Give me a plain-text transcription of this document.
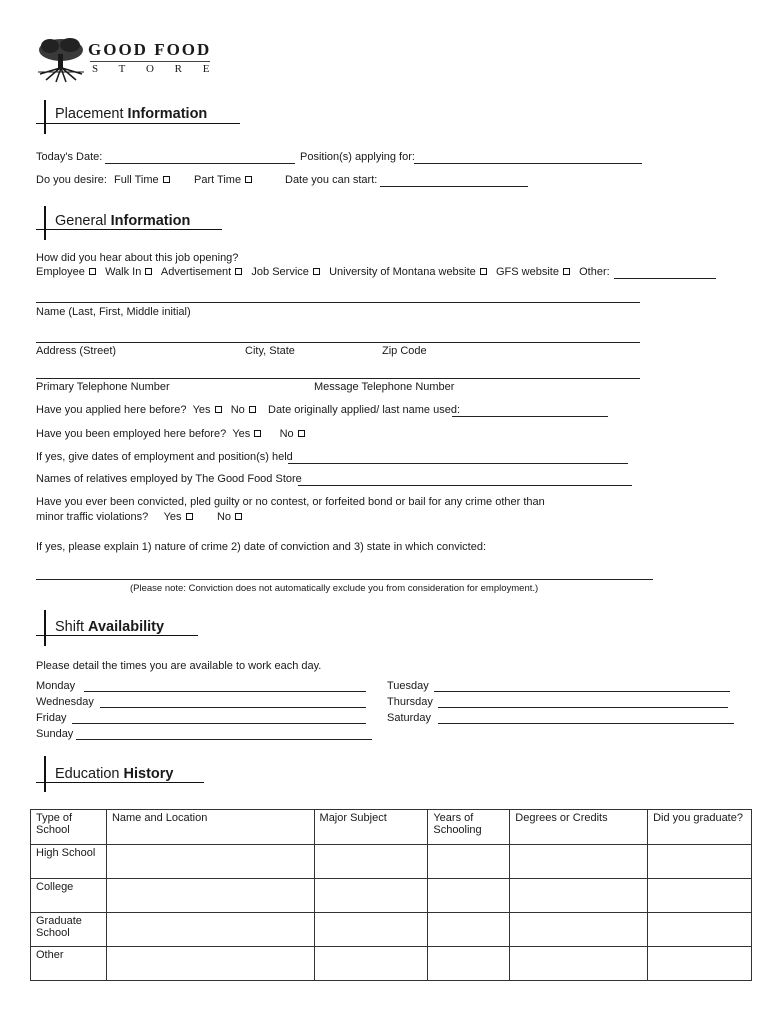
GOOD FOOD
S T O R E
Placement Information
Today's Date:	Position(s) applying for:
Do you desire: Full Time	Part Time	Date you can start:
General Information
How did you hear about this job opening?
Employee Walk In Advertisement Job Service University of Montana website GFS website Other:
Name (Last, First, Middle initial)
Address (Street)	City, State	Zip Code
Primary Telephone Number	Message Telephone Number
Have you applied here before? Yes No Date originally applied/ last name used:
Have you been employed here before? Yes	No
If yes, give dates of employment and position(s) held
Names of relatives employed by The Good Food Store
Have you ever been convicted, pled guilty or no contest, or forfeited bond or bail for any crime other than
minor traffic violations? Yes	No
If yes, please explain 1) nature of crime 2) date of conviction and 3) state in which convicted:
(Please note: Conviction does not automatically exclude you from consideration for employment.)
Shift Availability
Please detail the times you are available to work each day.
Monday
Wednesday
Friday
Sunday
Tuesday
Thursday
Saturday
Education History
Type of School	Name and Location	Major Subject	Years of Schooling	Degrees or Credits	Did you graduate?
High School					
College					
Graduate School					
Other					
